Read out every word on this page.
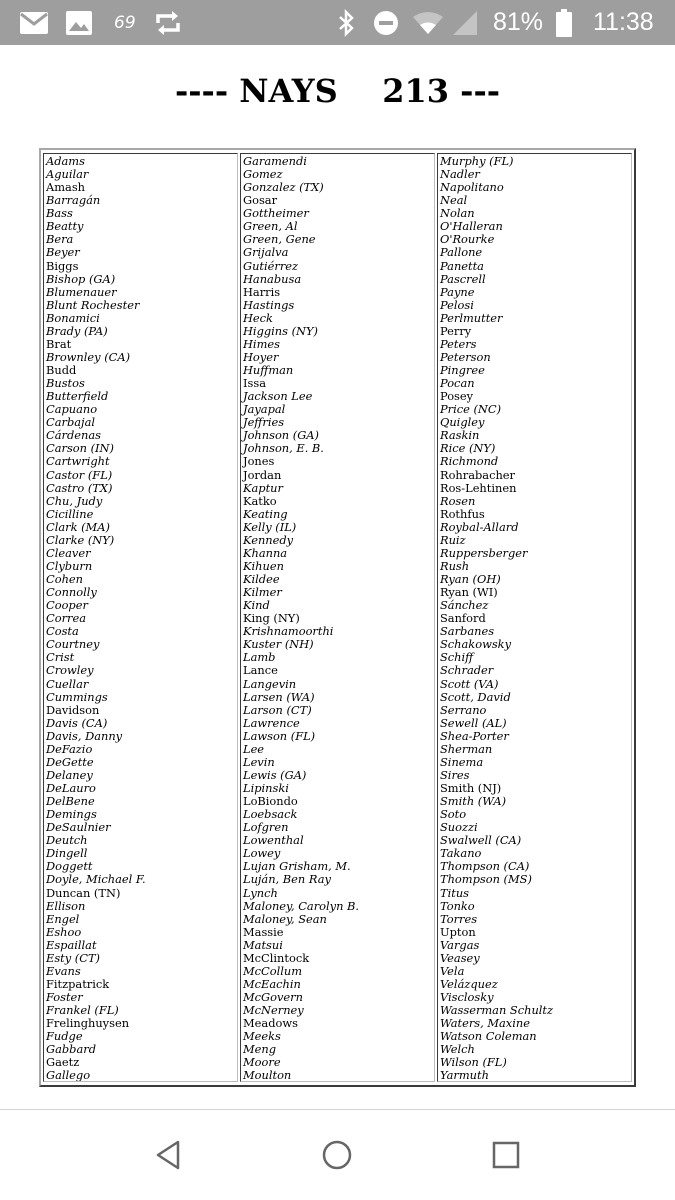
69	81% 11:38
---- NAYS    213 ---
Adams
Aguilar
Amash
Barragán
Bass
Beatty
Bera
Beyer
Biggs
Bishop (GA)
Blumenauer
Blunt Rochester
Bonamici
Brady (PA)
Brat
Brownley (CA)
Budd
Bustos
Butterfield
Capuano
Carbajal
Cárdenas
Carson (IN)
Cartwright
Castor (FL)
Castro (TX)
Chu, Judy
Cicilline
Clark (MA)
Clarke (NY)
Cleaver
Clyburn
Cohen
Connolly
Cooper
Correa
Costa
Courtney
Crist
Crowley
Cuellar
Cummings
Davidson
Davis (CA)
Davis, Danny
DeFazio
DeGette
Delaney
DeLauro
DelBene
Demings
DeSaulnier
Deutch
Dingell
Doggett
Doyle, Michael F.
Duncan (TN)
Ellison
Engel
Eshoo
Espaillat
Esty (CT)
Evans
Fitzpatrick
Foster
Frankel (FL)
Frelinghuysen
Fudge
Gabbard
Gaetz
Gallego
Garamendi
Gomez
Gonzalez (TX)
Gosar
Gottheimer
Green, Al
Green, Gene
Grijalva
Gutiérrez
Hanabusa
Harris
Hastings
Heck
Higgins (NY)
Himes
Hoyer
Huffman
Issa
Jackson Lee
Jayapal
Jeffries
Johnson (GA)
Johnson, E. B.
Jones
Jordan
Kaptur
Katko
Keating
Kelly (IL)
Kennedy
Khanna
Kihuen
Kildee
Kilmer
Kind
King (NY)
Krishnamoorthi
Kuster (NH)
Lamb
Lance
Langevin
Larsen (WA)
Larson (CT)
Lawrence
Lawson (FL)
Lee
Levin
Lewis (GA)
Lipinski
LoBiondo
Loebsack
Lofgren
Lowenthal
Lowey
Lujan Grisham, M.
Luján, Ben Ray
Lynch
Maloney, Carolyn B.
Maloney, Sean
Massie
Matsui
McClintock
McCollum
McEachin
McGovern
McNerney
Meadows
Meeks
Meng
Moore
Moulton
Murphy (FL)
Nadler
Napolitano
Neal
Nolan
O'Halleran
O'Rourke
Pallone
Panetta
Pascrell
Payne
Pelosi
Perlmutter
Perry
Peters
Peterson
Pingree
Pocan
Posey
Price (NC)
Quigley
Raskin
Rice (NY)
Richmond
Rohrabacher
Ros-Lehtinen
Rosen
Rothfus
Roybal-Allard
Ruiz
Ruppersberger
Rush
Ryan (OH)
Ryan (WI)
Sánchez
Sanford
Sarbanes
Schakowsky
Schiff
Schrader
Scott (VA)
Scott, David
Serrano
Sewell (AL)
Shea-Porter
Sherman
Sinema
Sires
Smith (NJ)
Smith (WA)
Soto
Suozzi
Swalwell (CA)
Takano
Thompson (CA)
Thompson (MS)
Titus
Tonko
Torres
Upton
Vargas
Veasey
Vela
Velázquez
Visclosky
Wasserman Schultz
Waters, Maxine
Watson Coleman
Welch
Wilson (FL)
Yarmuth
